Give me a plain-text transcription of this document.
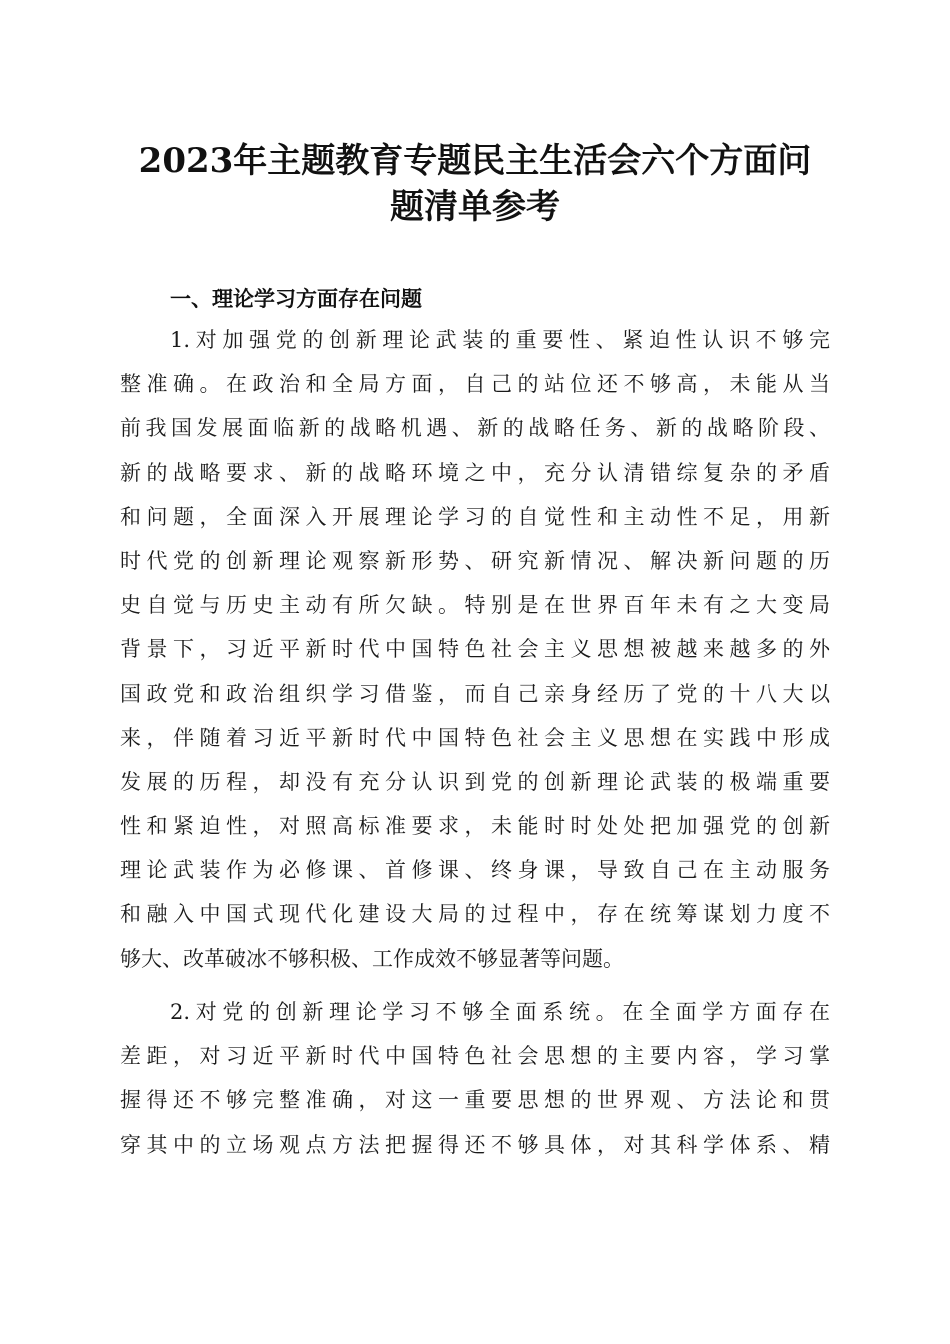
2023年主题教育专题民主生活会六个方面问
题清单参考
一、理论学习方面存在问题
1.对加强党的创新理论武装的重要性、紧迫性认识不够完
整准确。在政治和全局方面，自己的站位还不够高，未能从当
前我国发展面临新的战略机遇、新的战略任务、新的战略阶段、
新的战略要求、新的战略环境之中，充分认清错综复杂的矛盾
和问题，全面深入开展理论学习的自觉性和主动性不足，用新
时代党的创新理论观察新形势、研究新情况、解决新问题的历
史自觉与历史主动有所欠缺。特别是在世界百年未有之大变局
背景下，习近平新时代中国特色社会主义思想被越来越多的外
国政党和政治组织学习借鉴，而自己亲身经历了党的十八大以
来，伴随着习近平新时代中国特色社会主义思想在实践中形成
发展的历程，却没有充分认识到党的创新理论武装的极端重要
性和紧迫性，对照高标准要求，未能时时处处把加强党的创新
理论武装作为必修课、首修课、终身课，导致自己在主动服务
和融入中国式现代化建设大局的过程中，存在统筹谋划力度不
够大、改革破冰不够积极、工作成效不够显著等问题。
2.对党的创新理论学习不够全面系统。在全面学方面存在
差距，对习近平新时代中国特色社会思想的主要内容，学习掌
握得还不够完整准确，对这一重要思想的世界观、方法论和贯
穿其中的立场观点方法把握得还不够具体，对其科学体系、精
